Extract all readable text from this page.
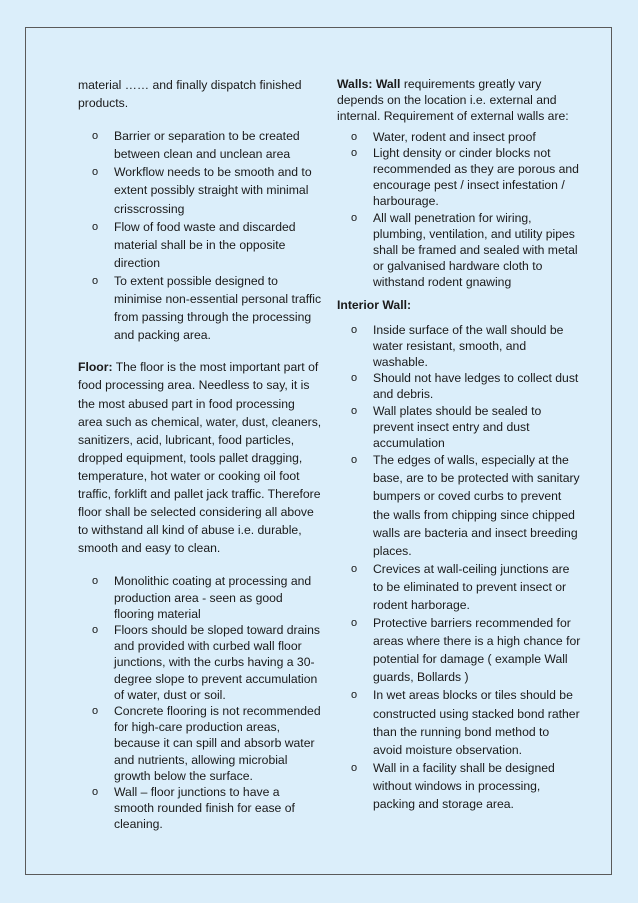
material …… and finally dispatch finished products.

o Barrier or separation to be created between clean and unclean area
o Workflow needs to be smooth and to extent possibly straight with minimal crisscrossing
o Flow of food waste and discarded material shall be in the opposite direction
o To extent possible designed to minimise non-essential personal traffic from passing through the processing and packing area.

Floor: The floor is the most important part of food processing area. Needless to say, it is the most abused part in food processing area such as chemical, water, dust, cleaners, sanitizers, acid, lubricant, food particles, dropped equipment, tools pallet dragging, temperature, hot water or cooking oil foot traffic, forklift and pallet jack traffic. Therefore floor shall be selected considering all above to withstand all kind of abuse i.e. durable, smooth and easy to clean.

o Monolithic coating at processing and production area - seen as good flooring material
o Floors should be sloped toward drains and provided with curbed wall floor junctions, with the curbs having a 30-degree slope to prevent accumulation of water, dust or soil.
o Concrete flooring is not recommended for high-care production areas, because it can spill and absorb water and nutrients, allowing microbial growth below the surface.
o Wall – floor junctions to have a smooth rounded finish for ease of cleaning.

Walls: Wall requirements greatly vary depends on the location i.e. external and internal. Requirement of external walls are:

o Water, rodent and insect proof
o Light density or cinder blocks not recommended as they are porous and encourage pest / insect infestation / harbourage.
o All wall penetration for wiring, plumbing, ventilation, and utility pipes shall be framed and sealed with metal or galvanised hardware cloth to withstand rodent gnawing

Interior Wall:

o Inside surface of the wall should be water resistant, smooth, and washable.
o Should not have ledges to collect dust and debris.
o Wall plates should be sealed to prevent insect entry and dust accumulation
o The edges of walls, especially at the base, are to be protected with sanitary bumpers or coved curbs to prevent the walls from chipping since chipped walls are bacteria and insect breeding places.
o Crevices at wall-ceiling junctions are to be eliminated to prevent insect or rodent harborage.
o Protective barriers recommended for areas where there is a high chance for potential for damage ( example Wall guards, Bollards )
o In wet areas blocks or tiles should be constructed using stacked bond rather than the running bond method to avoid moisture observation.
o Wall in a facility shall be designed without windows in processing, packing and storage area.
